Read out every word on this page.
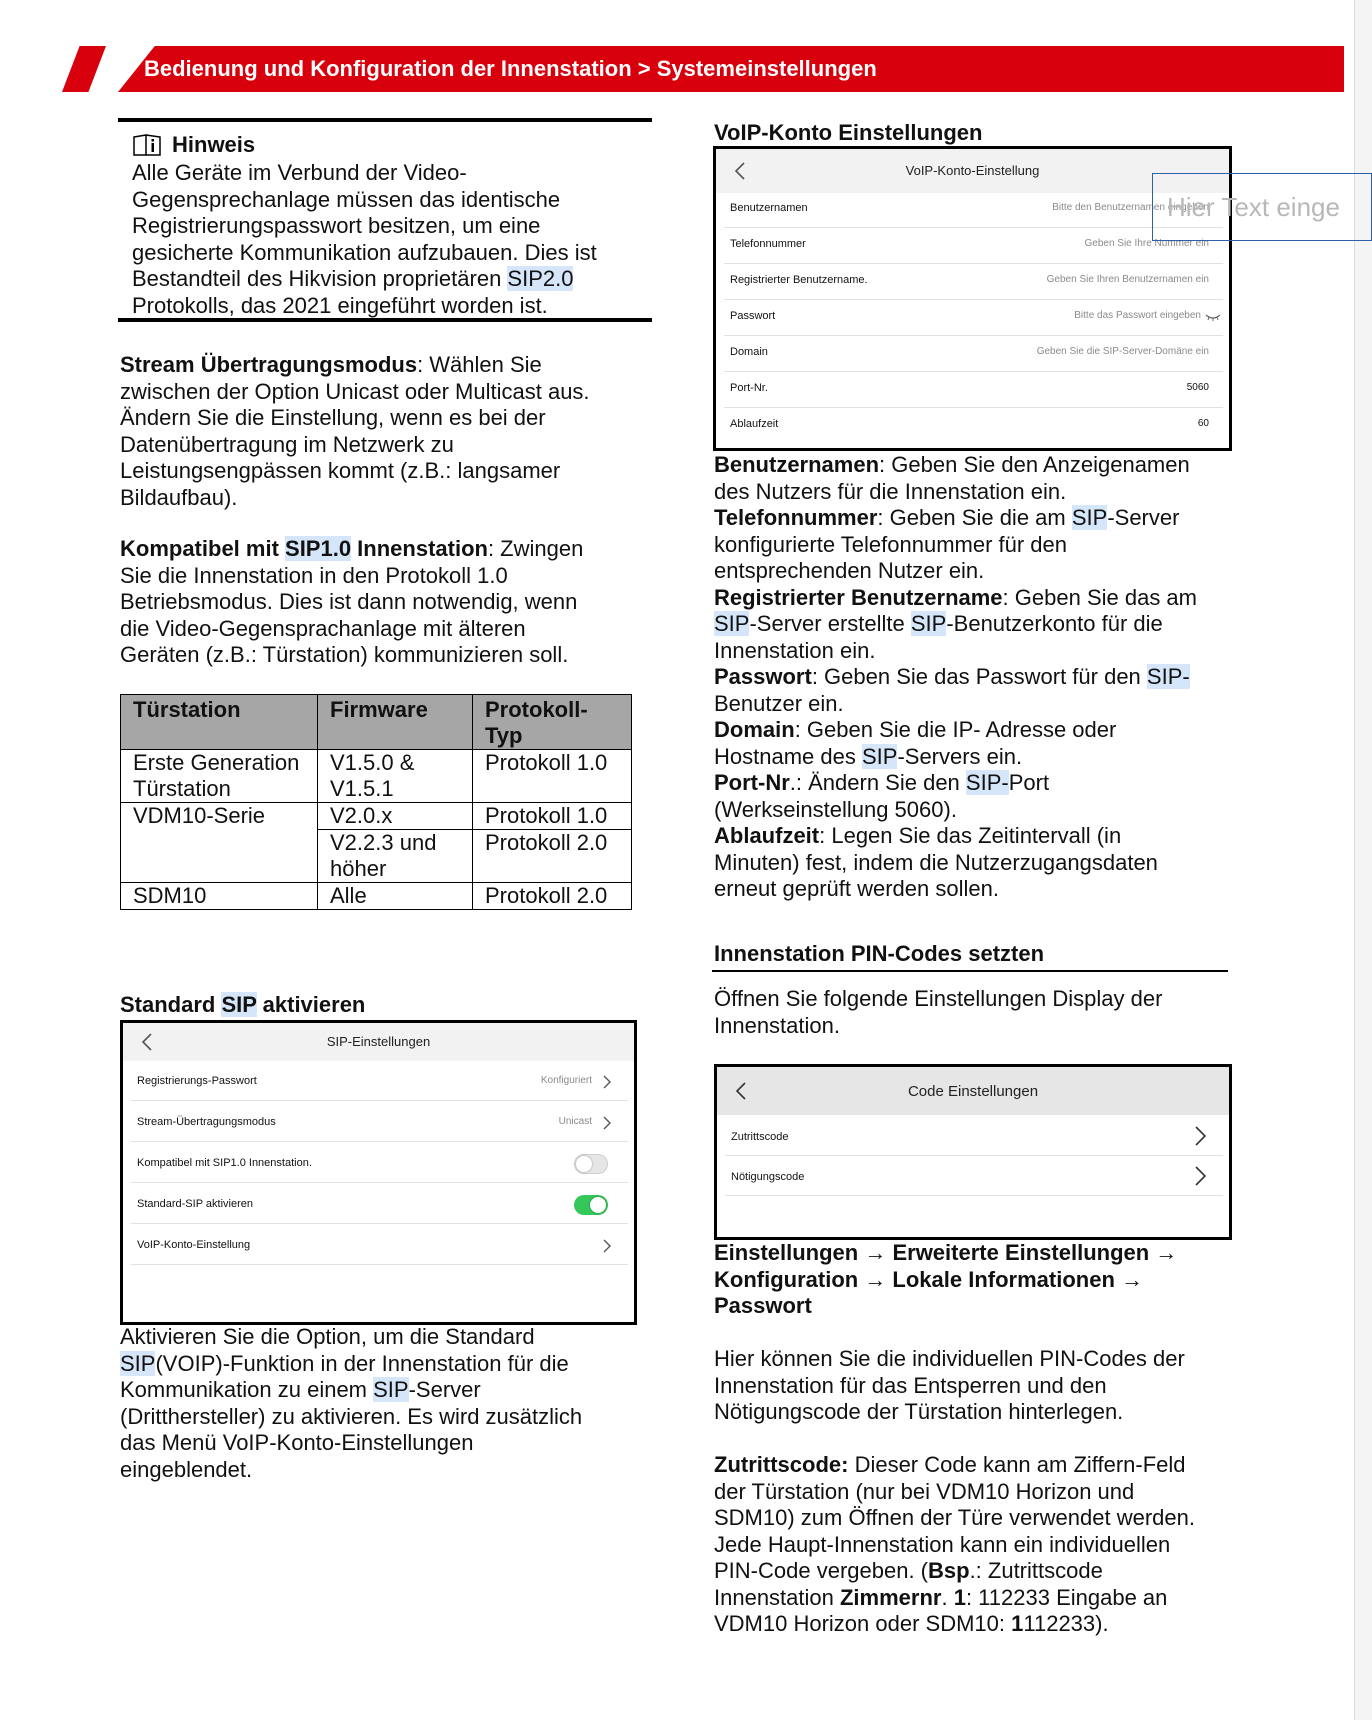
Bedienung und Konfiguration der Innenstation > Systemeinstellungen
Hinweis
Alle Geräte im Verbund der Video-
Gegensprechanlage müssen das identische
Registrierungspasswort besitzen, um eine
gesicherte Kommunikation aufzubauen. Dies ist
Bestandteil des Hikvision proprietären SIP2.0
Protokolls, das 2021 eingeführt worden ist.
Stream Übertragungsmodus: Wählen Sie
zwischen der Option Unicast oder Multicast aus.
Ändern Sie die Einstellung, wenn es bei der
Datenübertragung im Netzwerk zu
Leistungsengpässen kommt (z.B.: langsamer
Bildaufbau).
Kompatibel mit SIP1.0 Innenstation: Zwingen
Sie die Innenstation in den Protokoll 1.0
Betriebsmodus. Dies ist dann notwendig, wenn
die Video-Gegensprachanlage mit älteren
Geräten (z.B.: Türstation) kommunizieren soll.
Türstation	Firmware	Protokoll-Typ
Erste Generation Türstation	V1.5.0 & V1.5.1	Protokoll 1.0
VDM10-Serie	V2.0.x	Protokoll 1.0
	V2.2.3 und höher	Protokoll 2.0
SDM10	Alle	Protokoll 2.0
Standard SIP aktivieren
SIP-Einstellungen
Registrierungs-Passwort	Konfiguriert
Stream-Übertragungsmodus	Unicast
Kompatibel mit SIP1.0 Innenstation.
Standard-SIP aktivieren
VoIP-Konto-Einstellung
Aktivieren Sie die Option, um die Standard
SIP(VOIP)-Funktion in der Innenstation für die
Kommunikation zu einem SIP-Server
(Dritthersteller) zu aktivieren. Es wird zusätzlich
das Menü VoIP-Konto-Einstellungen
eingeblendet.
VoIP-Konto Einstellungen
VoIP-Konto-Einstellung
Benutzernamen	Bitte den Benutzernamen eingeben
Telefonnummer	Geben Sie Ihre Nummer ein
Registrierter Benutzername.	Geben Sie Ihren Benutzernamen ein
Passwort	Bitte das Passwort eingeben
Domain	Geben Sie die SIP-Server-Domäne ein
Port-Nr.	5060
Ablaufzeit	60
Hier Text einge
Benutzernamen: Geben Sie den Anzeigenamen
des Nutzers für die Innenstation ein.
Telefonnummer: Geben Sie die am SIP-Server
konfigurierte Telefonnummer für den
entsprechenden Nutzer ein.
Registrierter Benutzername: Geben Sie das am
SIP-Server erstellte SIP-Benutzerkonto für die
Innenstation ein.
Passwort: Geben Sie das Passwort für den SIP-
Benutzer ein.
Domain: Geben Sie die IP- Adresse oder
Hostname des SIP-Servers ein.
Port-Nr.: Ändern Sie den SIP-Port
(Werkseinstellung 5060).
Ablaufzeit: Legen Sie das Zeitintervall (in
Minuten) fest, indem die Nutzerzugangsdaten
erneut geprüft werden sollen.
Innenstation PIN-Codes setzten
Öffnen Sie folgende Einstellungen Display der
Innenstation.
Code Einstellungen
Zutrittscode
Nötigungscode
Einstellungen → Erweiterte Einstellungen →
Konfiguration → Lokale Informationen →
Passwort
Hier können Sie die individuellen PIN-Codes der
Innenstation für das Entsperren und den
Nötigungscode der Türstation hinterlegen.
Zutrittscode: Dieser Code kann am Ziffern-Feld
der Türstation (nur bei VDM10 Horizon und
SDM10) zum Öffnen der Türe verwendet werden.
Jede Haupt-Innenstation kann ein individuellen
PIN-Code vergeben. (Bsp.: Zutrittscode
Innenstation Zimmernr. 1: 112233 Eingabe an
VDM10 Horizon oder SDM10: 1112233).
